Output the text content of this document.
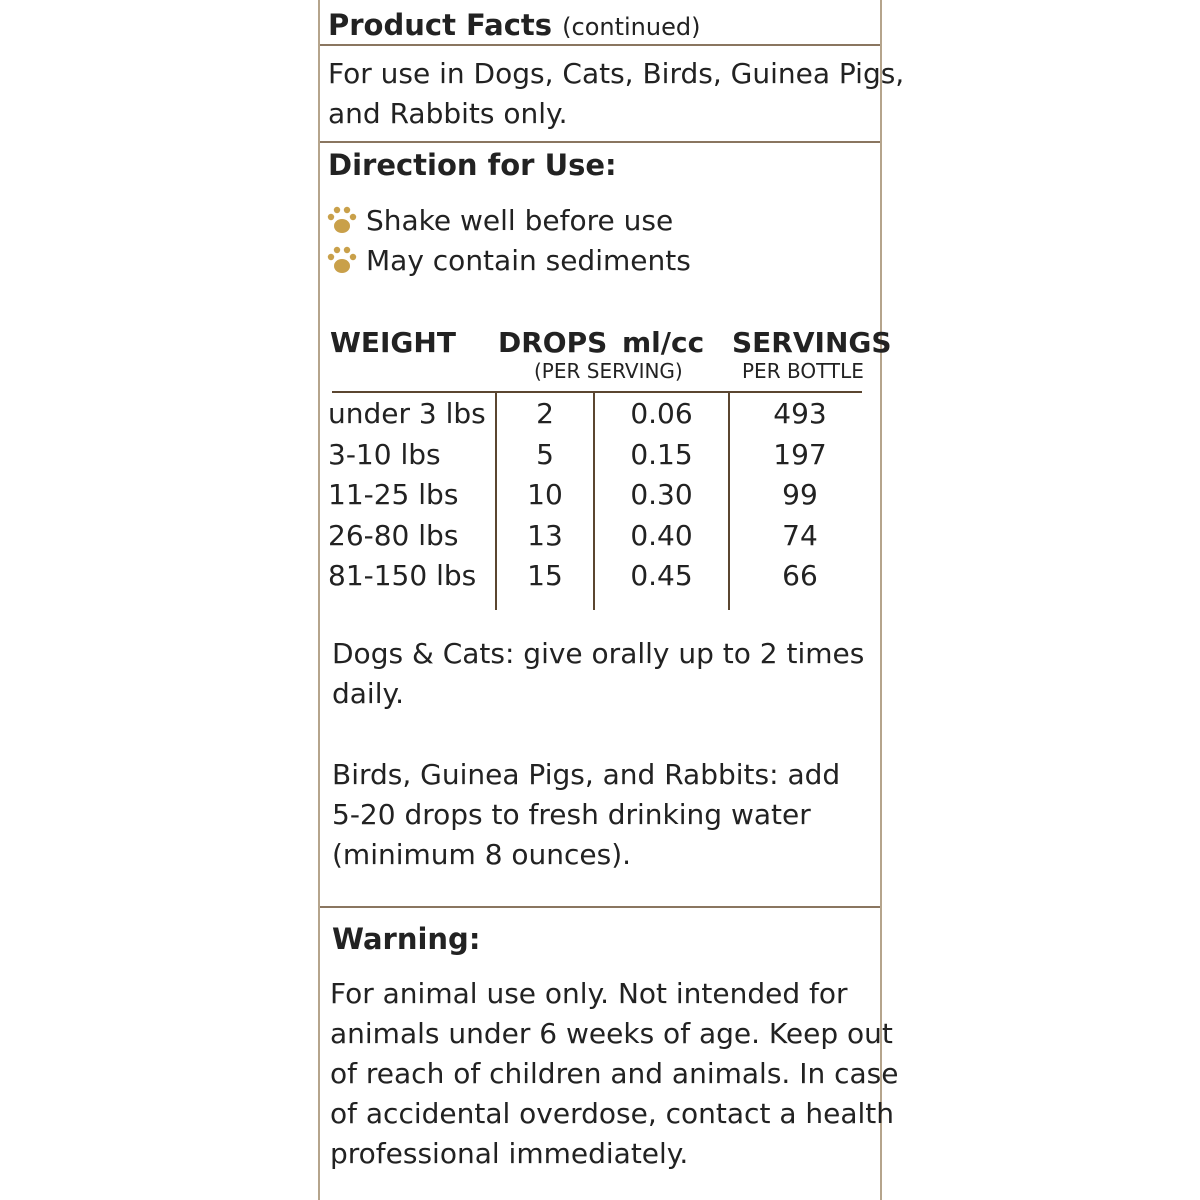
Product Facts (continued)
For use in Dogs, Cats, Birds, Guinea Pigs,
and Rabbits only.
Direction for Use:
Shake well before use
May contain sediments
WEIGHT DROPS
(PER SERVING)
ml/cc SERVINGS
PER BOTTLE
under 3 lbs
3-10 lbs
11-25 lbs
26-80 lbs
81-150 lbs
2
5
10
13
15
0.06
0.15
0.30
0.40
0.45
493
197
99
74
66
Dogs & Cats: give orally up to 2 times
daily.
Birds, Guinea Pigs, and Rabbits: add
5-20 drops to fresh drinking water
(minimum 8 ounces).
Warning:
For animal use only. Not intended for
animals under 6 weeks of age. Keep out
of reach of children and animals. In case
of accidental overdose, contact a health
professional immediately.
